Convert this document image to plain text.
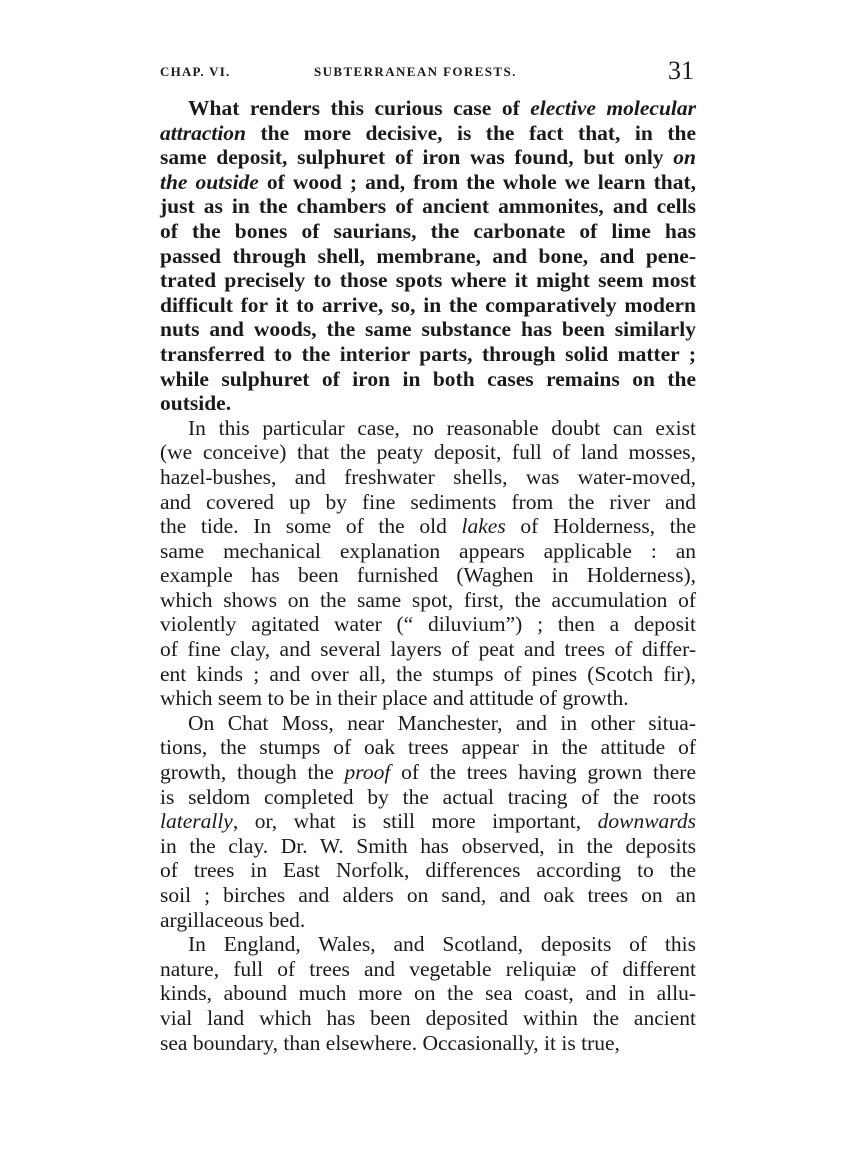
CHAP. VI.	SUBTERRANEAN FORESTS.	31

What renders this curious case of elective molecular
attraction the more decisive, is the fact that, in the
same deposit, sulphuret of iron was found, but only on
the outside of wood ; and, from the whole we learn that,
just as in the chambers of ancient ammonites, and cells
of the bones of saurians, the carbonate of lime has
passed through shell, membrane, and bone, and pene-
trated precisely to those spots where it might seem most
difficult for it to arrive, so, in the comparatively modern
nuts and woods, the same substance has been similarly
transferred to the interior parts, through solid matter ;
while sulphuret of iron in both cases remains on the
outside.

In this particular case, no reasonable doubt can exist
(we conceive) that the peaty deposit, full of land mosses,
hazel-bushes, and freshwater shells, was water-moved,
and covered up by fine sediments from the river and
the tide. In some of the old lakes of Holderness, the
same mechanical explanation appears applicable : an
example has been furnished (Waghen in Holderness),
which shows on the same spot, first, the accumulation of
violently agitated water (“ diluvium”) ; then a deposit
of fine clay, and several layers of peat and trees of differ-
ent kinds ; and over all, the stumps of pines (Scotch fir),
which seem to be in their place and attitude of growth.

On Chat Moss, near Manchester, and in other situa-
tions, the stumps of oak trees appear in the attitude of
growth, though the proof of the trees having grown there
is seldom completed by the actual tracing of the roots
laterally, or, what is still more important, downwards
in the clay. Dr. W. Smith has observed, in the deposits
of trees in East Norfolk, differences according to the
soil ; birches and alders on sand, and oak trees on an
argillaceous bed.

In England, Wales, and Scotland, deposits of this
nature, full of trees and vegetable reliquiæ of different
kinds, abound much more on the sea coast, and in allu-
vial land which has been deposited within the ancient
sea boundary, than elsewhere. Occasionally, it is true,
